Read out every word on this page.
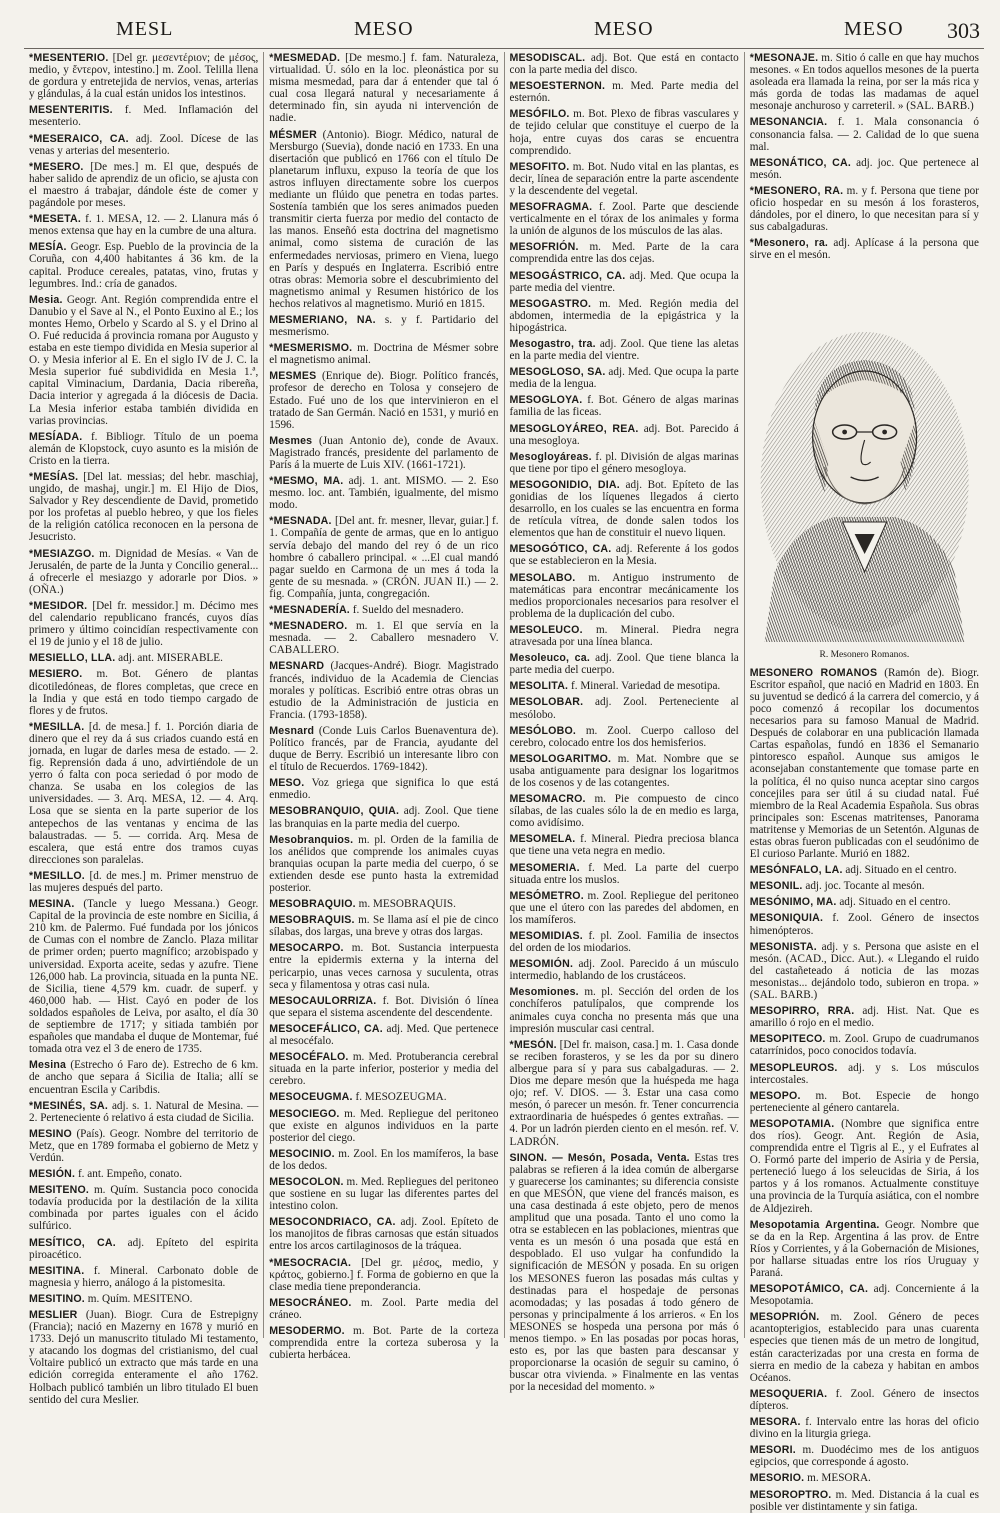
MESL	MESO	MESO	MESO 303

*MESENTERIO. [Del gr. μεσεντέριον; de μέσος, medio, y ἔντερον, intestino.] m. Zool. Telilla llena de gordura y entretejida de nervios, venas, arterias y glándulas, á la cual están unidos los intestinos.

MESENTERITIS. f. Med. Inflamación del mesenterio.

*MESERAICO, CA. adj. Zool. Dícese de las venas y arterias del mesenterio.

*MESERO. [De mes.] m. El que, después de haber salido de aprendiz de un oficio, se ajusta con el maestro á trabajar, dándole éste de comer y pagándole por meses.

*MESETA. f. 1. MESA, 12. — 2. Llanura más ó menos extensa que hay en la cumbre de una altura.

MESÍA. Geogr. Esp. Pueblo de la provincia de la Coruña, con 4,400 habitantes á 36 km. de la capital. Produce cereales, patatas, vino, frutas y legumbres. Ind.: cría de ganados.

Mesia. Geogr. Ant. Región comprendida entre el Danubio y el Save al N., el Ponto Euxino al E.; los montes Hemo, Orbelo y Scardo al S. y el Drino al O. Fué reducida á provincia romana por Augusto y estaba en este tiempo dividida en Mesia superior al O. y Mesia inferior al E. En el siglo IV de J. C. la Mesia superior fué subdividida en Mesia 1.ª, capital Viminacium, Dardania, Dacia ribereña, Dacia interior y agregada á la diócesis de Dacia. La Mesia inferior estaba también dividida en varias provincias.

MESÍADA. f. Bibliogr. Título de un poema alemán de Klopstock, cuyo asunto es la misión de Cristo en la tierra.

*MESÍAS. [Del lat. messias; del hebr. maschiaj, ungido, de mashaj, ungir.] m. El Hijo de Dios, Salvador y Rey descendiente de David, prometido por los profetas al pueblo hebreo, y que los fieles de la religión católica reconocen en la persona de Jesucristo.

*MESIAZGO. m. Dignidad de Mesías. « Van de Jerusalén, de parte de la Junta y Concilio general... á ofrecerle el mesiazgo y adorarle por Dios. » (OÑA.)

*MESIDOR. [Del fr. messidor.] m. Décimo mes del calendario republicano francés, cuyos días primero y último coincidían respectivamente con el 19 de junio y el 18 de julio.

MESIELLO, LLA. adj. ant. MISERABLE.

MESIERO. m. Bot. Género de plantas dicotiledóneas, de flores completas, que crece en la India y que está en todo tiempo cargado de flores y de frutos.

*MESILLA. [d. de mesa.] f. 1. Porción diaria de dinero que el rey da á sus criados cuando está en jornada, en lugar de darles mesa de estado. — 2. fig. Reprensión dada á uno, advirtiéndole de un yerro ó falta con poca seriedad ó por modo de chanza. Se usaba en los colegios de las universidades. — 3. Arq. MESA, 12. — 4. Arq. Losa que se sienta en la parte superior de los antepechos de las ventanas y encima de las balaustradas. — 5. — corrida. Arq. Mesa de escalera, que está entre dos tramos cuyas direcciones son paralelas.

*MESILLO. [d. de mes.] m. Primer menstruo de las mujeres después del parto.

MESINA. (Tancle y luego Messana.) Geogr. Capital de la provincia de este nombre en Sicilia, á 210 km. de Palermo. Fué fundada por los jónicos de Cumas con el nombre de Zanclo. Plaza militar de primer orden; puerto magnífico; arzobispado y universidad. Exporta aceite, sedas y azufre. Tiene 126,000 hab. La provincia, situada en la punta NE. de Sicilia, tiene 4,579 km. cuadr. de superf. y 460,000 hab. — Hist. Cayó en poder de los soldados españoles de Leiva, por asalto, el día 30 de septiembre de 1717; y sitiada también por españoles que mandaba el duque de Montemar, fué tomada otra vez el 3 de enero de 1735.

Mesina (Estrecho ó Faro de). Estrecho de 6 km. de ancho que separa á Sicilia de Italia; allí se encuentran Escila y Caribdis.

*MESINÉS, SA. adj. s. 1. Natural de Mesina. — 2. Perteneciente ó relativo á esta ciudad de Sicilia.

MESINO (País). Geogr. Nombre del territorio de Metz, que en 1789 formaba el gobierno de Metz y Verdún.

MESIÓN. f. ant. Empeño, conato.

MESITENO. m. Quím. Sustancia poco conocida todavía producida por la destilación de la xilita combinada por partes iguales con el ácido sulfúrico.

MESÍTICO, CA. adj. Epíteto del espirita piroacético.

MESITINA. f. Mineral. Carbonato doble de magnesia y hierro, análogo á la pistomesita.

MESITINO. m. Quím. MESITENO.

MESLIER (Juan). Biogr. Cura de Estrepigny (Francia); nació en Mazerny en 1678 y murió en 1733. Dejó un manuscrito titulado Mi testamento, y atacando los dogmas del cristianismo, del cual Voltaire publicó un extracto que más tarde en una edición corregida enteramente el año 1762. Holbach publicó también un libro titulado El buen sentido del cura Meslier.

*MESMEDAD. [De mesmo.] f. fam. Naturaleza, virtualidad. Ú. sólo en la loc. pleonástica por su misma mesmedad, para dar á entender que tal ó cual cosa llegará natural y necesariamente á determinado fin, sin ayuda ni intervención de nadie.

MÉSMER (Antonio). Biogr. Médico, natural de Mersburgo (Suevia), donde nació en 1733. En una disertación que publicó en 1766 con el título De planetarum influxu, expuso la teoría de que los astros influyen directamente sobre los cuerpos mediante un flúido que penetra en todas partes. Sostenía también que los seres animados pueden transmitir cierta fuerza por medio del contacto de las manos. Enseñó esta doctrina del magnetismo animal, como sistema de curación de las enfermedades nerviosas, primero en Viena, luego en París y después en Inglaterra. Escribió entre otras obras: Memoria sobre el descubrimiento del magnetismo animal y Resumen histórico de los hechos relativos al magnetismo. Murió en 1815.

MESMERIANO, NA. s. y f. Partidario del mesmerismo.

*MESMERISMO. m. Doctrina de Mésmer sobre el magnetismo animal.

MESMES (Enrique de). Biogr. Político francés, profesor de derecho en Tolosa y consejero de Estado. Fué uno de los que intervinieron en el tratado de San Germán. Nació en 1531, y murió en 1596.

Mesmes (Juan Antonio de), conde de Avaux. Magistrado francés, presidente del parlamento de París á la muerte de Luis XIV. (1661-1721).

*MESMO, MA. adj. 1. ant. MISMO. — 2. Eso mesmo. loc. ant. También, igualmente, del mismo modo.

*MESNADA. [Del ant. fr. mesner, llevar, guiar.] f. 1. Compañía de gente de armas, que en lo antiguo servía debajo del mando del rey ó de un rico hombre ó caballero principal. « ...El cual mandó pagar sueldo en Carmona de un mes á toda la gente de su mesnada. » (CRÓN. JUAN II.) — 2. fig. Compañía, junta, congregación.

*MESNADERÍA. f. Sueldo del mesnadero.

*MESNADERO. m. 1. El que servía en la mesnada. — 2. Caballero mesnadero V. CABALLERO.

MESNARD (Jacques-André). Biogr. Magistrado francés, individuo de la Academia de Ciencias morales y políticas. Escribió entre otras obras un estudio de la Administración de justicia en Francia. (1793-1858).

Mesnard (Conde Luis Carlos Buenaventura de). Político francés, par de Francia, ayudante del duque de Berry. Escribió un interesante libro con el título de Recuerdos. 1769-1842).

MESO. Voz griega que significa lo que está enmedio.

MESOBRANQUIO, QUIA. adj. Zool. Que tiene las branquias en la parte media del cuerpo.

Mesobranquios. m. pl. Orden de la familia de los anélidos que comprende los animales cuyas branquias ocupan la parte media del cuerpo, ó se extienden desde ese punto hasta la extremidad posterior.

MESOBRAQUIO. m. MESOBRAQUIS.

MESOBRAQUIS. m. Se llama así el pie de cinco sílabas, dos largas, una breve y otras dos largas.

MESOCARPO. m. Bot. Sustancia interpuesta entre la epidermis externa y la interna del pericarpio, unas veces carnosa y suculenta, otras seca y filamentosa y otras casi nula.

MESOCAULORRIZA. f. Bot. División ó línea que separa el sistema ascendente del descendente.

MESOCEFÁLICO, CA. adj. Med. Que pertenece al mesocéfalo.

MESOCÉFALO. m. Med. Protuberancia cerebral situada en la parte inferior, posterior y media del cerebro.

MESOCEUGMA. f. MESOZEUGMA.

MESOCIEGO. m. Med. Repliegue del peritoneo que existe en algunos individuos en la parte posterior del ciego.

MESOCINIO. m. Zool. En los mamíferos, la base de los dedos.

MESOCOLON. m. Med. Repliegues del peritoneo que sostiene en su lugar las diferentes partes del intestino colon.

MESOCONDRIACO, CA. adj. Zool. Epíteto de los manojitos de fibras carnosas que están situados entre los arcos cartilaginosos de la tráquea.

*MESOCRACIA. [Del gr. μέσος, medio, y κράτος, gobierno.] f. Forma de gobierno en que la clase media tiene preponderancia.

MESOCRÁNEO. m. Zool. Parte media del cráneo.

MESODERMO. m. Bot. Parte de la corteza comprendida entre la corteza suberosa y la cubierta herbácea.

MESODISCAL. adj. Bot. Que está en contacto con la parte media del disco.

MESOESTERNON. m. Med. Parte media del esternón.

MESÓFILO. m. Bot. Plexo de fibras vasculares y de tejido celular que constituye el cuerpo de la hoja, entre cuyas dos caras se encuentra comprendido.

MESOFITO. m. Bot. Nudo vital en las plantas, es decir, línea de separación entre la parte ascendente y la descendente del vegetal.

MESOFRAGMA. f. Zool. Parte que desciende verticalmente en el tórax de los animales y forma la unión de algunos de los músculos de las alas.

MESOFRIÓN. m. Med. Parte de la cara comprendida entre las dos cejas.

MESOGÁSTRICO, CA. adj. Med. Que ocupa la parte media del vientre.

MESOGASTRO. m. Med. Región media del abdomen, intermedia de la epigástrica y la hipogástrica.

Mesogastro, tra. adj. Zool. Que tiene las aletas en la parte media del vientre.

MESOGLOSO, SA. adj. Med. Que ocupa la parte media de la lengua.

MESOGLOYA. f. Bot. Género de algas marinas familia de las ficeas.

MESOGLOYÁREO, REA. adj. Bot. Parecido á una mesogloya.

Mesogloyáreas. f. pl. División de algas marinas que tiene por tipo el género mesogloya.

MESOGONIDIO, DIA. adj. Bot. Epíteto de las gonidias de los líquenes llegados á cierto desarrollo, en los cuales se las encuentra en forma de retícula vítrea, de donde salen todos los elementos que han de constituir el nuevo liquen.

MESOGÓTICO, CA. adj. Referente á los godos que se establecieron en la Mesia.

MESOLABO. m. Antiguo instrumento de matemáticas para encontrar mecánicamente los medios proporcionales necesarios para resolver el problema de la duplicación del cubo.

MESOLEUCO. m. Mineral. Piedra negra atravesada por una línea blanca.

Mesoleuco, ca. adj. Zool. Que tiene blanca la parte media del cuerpo.

MESOLITA. f. Mineral. Variedad de mesotipa.

MESOLOBAR. adj. Zool. Perteneciente al mesólobo.

MESÓLOBO. m. Zool. Cuerpo calloso del cerebro, colocado entre los dos hemisferios.

MESOLOGARITMO. m. Mat. Nombre que se usaba antiguamente para designar los logaritmos de los cosenos y de las cotangentes.

MESOMACRO. m. Pie compuesto de cinco sílabas, de las cuales sólo la de en medio es larga, como avidísimo.

MESOMELA. f. Mineral. Piedra preciosa blanca que tiene una veta negra en medio.

MESOMERIA. f. Med. La parte del cuerpo situada entre los muslos.

MESÓMETRO. m. Zool. Repliegue del peritoneo que une el útero con las paredes del abdomen, en los mamíferos.

MESOMIDIAS. f. pl. Zool. Familia de insectos del orden de los miodarios.

MESOMIÓN. adj. Zool. Parecido á un músculo intermedio, hablando de los crustáceos.

Mesomiones. m. pl. Sección del orden de los conchíferos patulípalos, que comprende los animales cuya concha no presenta más que una impresión muscular casi central.

*MESÓN. [Del fr. maison, casa.] m. 1. Casa donde se reciben forasteros, y se les da por su dinero albergue para sí y para sus cabalgaduras. — 2. Dios me depare mesón que la huéspeda me haga ojo; ref. V. DIOS. — 3. Estar una casa como mesón, ó parecer un mesón. fr. Tener concurrencia extraordinaria de huéspedes ó gentes extrañas. — 4. Por un ladrón pierden ciento en el mesón. ref. V. LADRÓN.

SINON. — Mesón, Posada, Venta. Estas tres palabras se refieren á la idea común de albergarse y guarecerse los caminantes; su diferencia consiste en que MESÓN, que viene del francés maison, es una casa destinada á este objeto, pero de menos amplitud que una posada. Tanto el uno como la otra se establecen en las poblaciones, mientras que venta es un mesón ó una posada que está en despoblado. El uso vulgar ha confundido la significación de MESÓN y posada. En su origen los MESONES fueron las posadas más cultas y destinadas para el hospedaje de personas acomodadas; y las posadas á todo género de personas y principalmente á los arrieros. « En los MESONES se hospeda una persona por más ó menos tiempo. » En las posadas por pocas horas, esto es, por las que basten para descansar y proporcionarse la ocasión de seguir su camino, ó buscar otra vivienda. » Finalmente en las ventas por la necesidad del momento. »

*MESONAJE. m. Sitio ó calle en que hay muchos mesones. « En todos aquellos mesones de la puerta asoleada era llamada la reina, por ser la más rica y más gorda de todas las madamas de aquel mesonaje anchuroso y carreteril. » (SAL. BARB.)

MESONANCIA. f. 1. Mala consonancia ó consonancia falsa. — 2. Calidad de lo que suena mal.

MESONÁTICO, CA. adj. joc. Que pertenece al mesón.

*MESONERO, RA. m. y f. Persona que tiene por oficio hospedar en su mesón á los forasteros, dándoles, por el dinero, lo que necesitan para sí y sus cabalgaduras.

*Mesonero, ra. adj. Aplícase á la persona que sirve en el mesón.

R. Mesonero Romanos.

MESONERO ROMANOS (Ramón de). Biogr. Escritor español, que nació en Madrid en 1803. En su juventud se dedicó á la carrera del comercio, y á poco comenzó á recopilar los documentos necesarios para su famoso Manual de Madrid. Después de colaborar en una publicación llamada Cartas españolas, fundó en 1836 el Semanario pintoresco español. Aunque sus amigos le aconsejaban constantemente que tomase parte en la política, él no quiso nunca aceptar sino cargos concejiles para ser útil á su ciudad natal. Fué miembro de la Real Academia Española. Sus obras principales son: Escenas matritenses, Panorama matritense y Memorias de un Setentón. Algunas de estas obras fueron publicadas con el seudónimo de El curioso Parlante. Murió en 1882.

MESÓNFALO, LA. adj. Situado en el centro.

MESONIL. adj. joc. Tocante al mesón.

MESÓNIMO, MA. adj. Situado en el centro.

MESONIQUIA. f. Zool. Género de insectos himenópteros.

MESONISTA. adj. y s. Persona que asiste en el mesón. (ACAD., Dicc. Aut.). « Llegando el ruido del castañeteado á noticia de las mozas mesonistas... dejándolo todo, subieron en tropa. » (SAL. BARB.)

MESOPIRRO, RRA. adj. Hist. Nat. Que es amarillo ó rojo en el medio.

MESOPITECO. m. Zool. Grupo de cuadrumanos catarrínidos, poco conocidos todavía.

MESOPLEUROS. adj. y s. Los músculos intercostales.

MESOPO. m. Bot. Especie de hongo perteneciente al género cantarela.

MESOPOTAMIA. (Nombre que significa entre dos ríos). Geogr. Ant. Región de Asia, comprendida entre el Tigris al E., y el Eufrates al O. Formó parte del imperio de Asiria y de Persia, perteneció luego á los seleucidas de Siria, á los partos y á los romanos. Actualmente constituye una provincia de la Turquía asiática, con el nombre de Aldjezireh.

Mesopotamia Argentina. Geogr. Nombre que se da en la Rep. Argentina á las prov. de Entre Ríos y Corrientes, y á la Gobernación de Misiones, por hallarse situadas entre los ríos Uruguay y Paraná.

MESOPOTÁMICO, CA. adj. Concerniente á la Mesopotamia.

MESOPRIÓN. m. Zool. Género de peces acantopterigios, establecido para unas cuarenta especies que tienen más de un metro de longitud, están caracterizadas por una cresta en forma de sierra en medio de la cabeza y habitan en ambos Océanos.

MESOQUERIA. f. Zool. Género de insectos dípteros.

MESORA. f. Intervalo entre las horas del oficio divino en la liturgia griega.

MESORI. m. Duodécimo mes de los antiguos egipcios, que corresponde á agosto.

MESORIO. m. MESORA.

MESOROPTRO. m. Med. Distancia á la cual es posible ver distintamente y sin fatiga.
